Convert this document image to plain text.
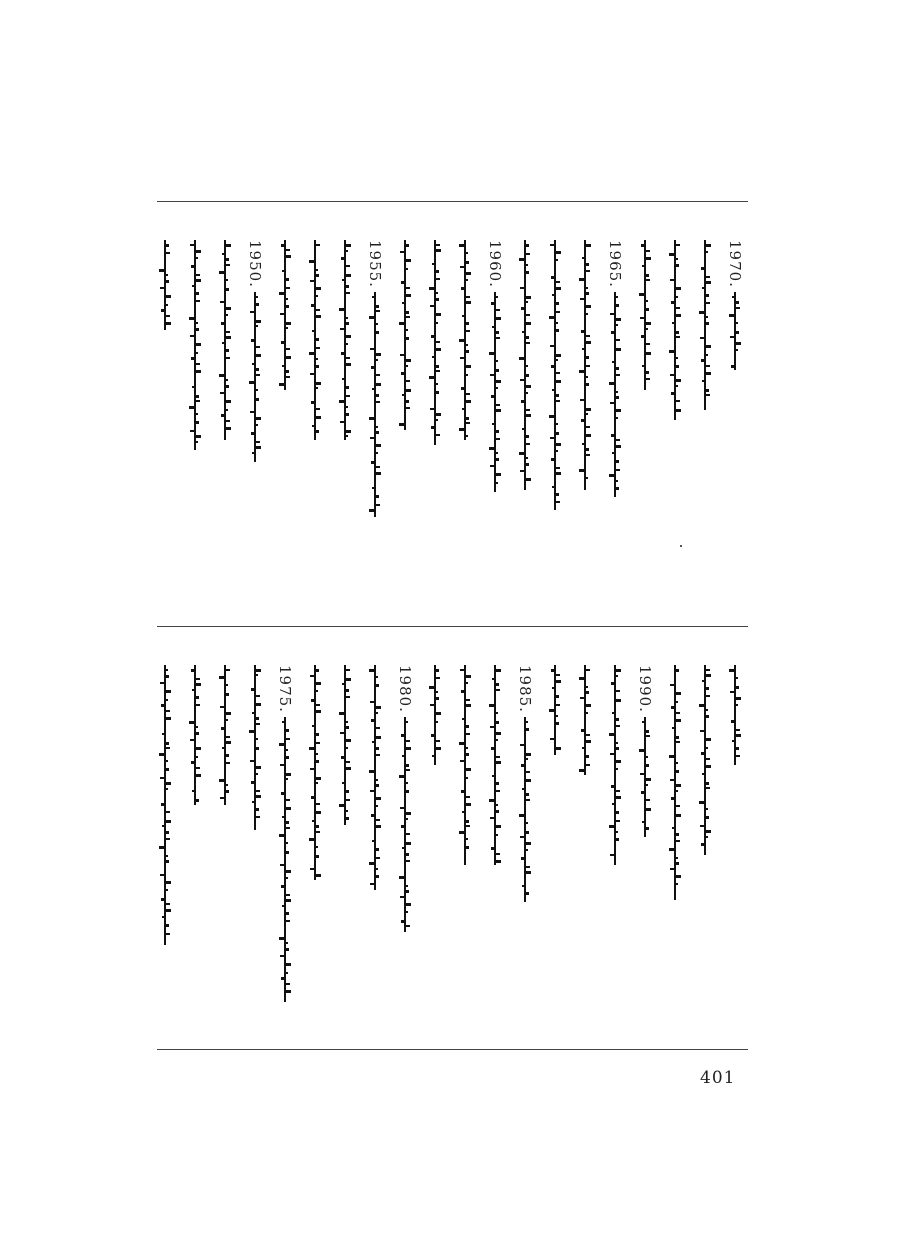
1970.
1965.
1960.
1955.
1950.
1990.
1985.
1980.
1975.
401
